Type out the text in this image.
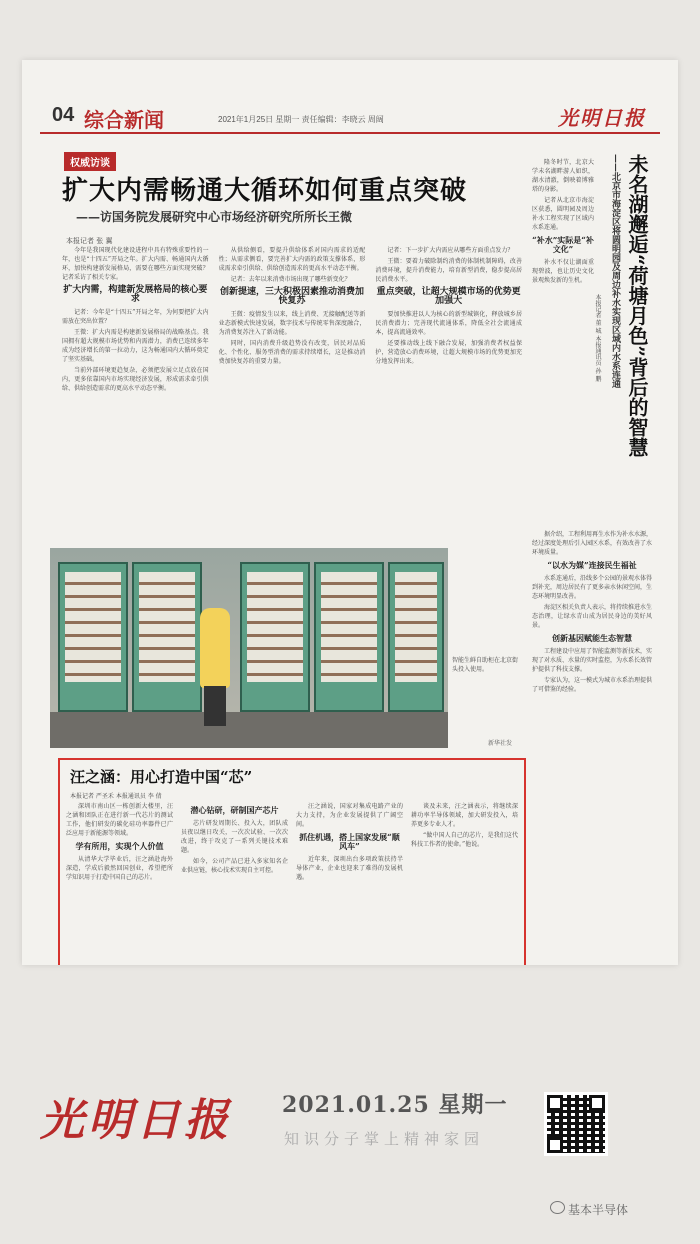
04 综合新闻	2021年1月25日 星期一 责任编辑：李晓云 周阔	光明日报
权威访谈
扩大内需畅通大循环如何重点突破
——访国务院发展研究中心市场经济研究所所长王微
本报记者 张 翼

今年是我国现代化建设进程中具有特殊重要性的一年，也是“十四五”开局之年。扩大内需、畅通国内大循环，加快构建新发展格局，需要在哪些方面实现突破？记者采访了相关专家。

扩大内需，构建新发展格局的核心要求

记者：今年是“十四五”开局之年，为何要把扩大内需放在突出位置？

王微：扩大内需是构建新发展格局的战略基点。我国拥有超大规模市场优势和内需潜力，消费已连续多年成为经济增长的第一拉动力，这为畅通国内大循环奠定了坚实基础。

当前外部环境更趋复杂，必须把发展立足点放在国内，更多依靠国内市场实现经济发展，形成需求牵引供给、供给创造需求的更高水平动态平衡。

从供给侧看，要提升供给体系对国内需求的适配性；从需求侧看，要完善扩大内需的政策支撑体系，形成需求牵引供给、供给创造需求的更高水平动态平衡。

记者：去年以来消费市场出现了哪些新变化？

创新提速，三大积极因素推动消费加快复苏

王微：疫情发生以来，线上消费、无接触配送等新业态新模式快速发展，数字技术与传统零售深度融合，为消费复苏注入了新动能。

同时，国内消费升级趋势没有改变，居民对品质化、个性化、服务型消费的需求持续增长，这是推动消费加快复苏的重要力量。

记者：下一步扩大内需应从哪些方面重点发力？

王微：要着力破除制约消费的体制机制障碍，改善消费环境，提升消费能力，培育新型消费，稳步提高居民消费水平。

重点突破，让超大规模市场的优势更加强大

要加快推进以人为核心的新型城镇化，释放城乡居民消费潜力；完善现代流通体系，降低全社会流通成本，提高流通效率。

还要推动线上线下融合发展，加强消费者权益保护，营造放心消费环境，让超大规模市场的优势更加充分地发挥出来。

智能生鲜自助柜在北京街头投入使用。
新华社发
汪之涵：用心打造中国“芯”
本报记者 严圣禾 本报通讯员 李 倩

深圳市南山区一栋创新大楼里，汪之涵和团队正在进行新一代芯片的测试工作，他们研发的碳化硅功率器件已广泛应用于新能源等领域。

学有所用，实现个人价值

从清华大学毕业后，汪之涵赴海外深造，学成后毅然回国创业，希望把所学知识用于打造中国自己的芯片。

潜心钻研，研制国产芯片

芯片研发周期长、投入大，团队成员夜以继日攻关，一次次试验、一次次改进，终于攻克了一系列关键技术难题。

如今，公司产品已进入多家知名企业供应链，核心技术实现自主可控。

汪之涵说，国家对集成电路产业的大力支持，为企业发展提供了广阔空间。

抓住机遇，搭上国家发展“顺风车”

近年来，深圳出台多项政策扶持半导体产业，企业也迎来了难得的发展机遇。

谈及未来，汪之涵表示，将继续深耕功率半导体领域，加大研发投入，培养更多专业人才。

“做中国人自己的芯片，是我们这代科技工作者的使命。”他说。

未名湖邂逅“荷塘月色”背后的智慧
——北京市海淀区将圆明园及周边补水实现区域内水系连通
本报记者 董 城 本报通讯员 孙 鹏

隆冬时节，北京大学未名湖畔游人如织，湖水清澈，倒映着博雅塔的身影。

记者从北京市海淀区获悉，圆明园及周边补水工程实现了区域内水系连通。

“补水”实际是“补文化”

补水不仅让湖面重现碧波，也让历史文化景观焕发新的生机。

据介绍，工程利用再生水作为补水水源，经过深度处理后引入园区水系，有效改善了水环境质量。

“以水为媒”连接民生福祉

水系连通后，沿线多个公园的景观水体得到补充，周边居民有了更多亲水休闲空间，生态环境明显改善。

海淀区相关负责人表示，将持续推进水生态治理，让绿水青山成为居民身边的美好风景。

创新基因赋能生态智慧

工程建设中应用了智能监测等新技术，实现了对水质、水量的实时监控，为水系长效管护提供了科技支撑。

专家认为，这一模式为城市水系治理提供了可借鉴的经验。

光明日报 2021.01.25 星期一
知识分子掌上精神家园
基本半导体
